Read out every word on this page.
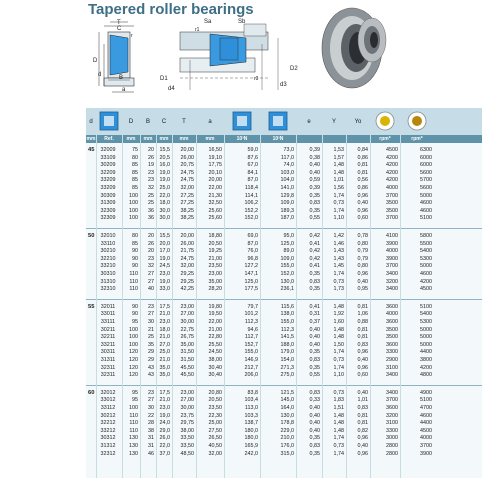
Tapered roller bearings
T
C
D
d	B
a
r
Sa	Sb
r1
D1
d4
r3
D2
d3
d	D	B	C	T	a	e	Y	Yo
mm	Ref.	mm	mm	mm	mm	mm	10³N	10³N	rpm*	rpm*
45	32009	75	20	15,5	20,00	16,50	59,0	73,0	0,39	1,53	0,84	4500	6300
33109	80	26	20,5	26,00	19,10	87,6	117,0	0,38	1,57	0,86	4200	6000
30209	85	19	16,0	20,75	17,75	67,0	74,0	0,40	1,48	0,81	4200	6000
32209	85	23	19,0	24,75	20,10	84,1	103,0	0,40	1,48	0,81	4200	5600
33209	85	23	19,0	24,75	20,00	87,0	104,0	0,59	1,01	0,56	4200	5700
33209	85	32	25,0	32,00	22,00	118,4	141,0	0,39	1,56	0,86	4000	5600
30309	100	25	22,0	27,25	21,30	114,1	129,8	0,35	1,74	0,96	3700	5000
31309	100	25	18,0	27,25	32,50	106,2	109,0	0,83	0,73	0,40	3500	4600
32309	100	36	30,0	38,25	25,60	152,2	189,3	0,35	1,74	0,96	3500	4600
32309	100	36	30,0	38,25	25,60	152,0	187,0	0,55	1,10	0,60	3700	5100
50	32010	80	20	15,5	20,00	18,80	69,0	95,0	0,42	1,42	0,78	4100	5800
33110	85	26	20,0	26,00	20,50	87,0	125,0	0,41	1,46	0,80	3900	5500
30210	90	20	17,0	21,75	19,25	76,0	89,0	0,42	1,43	0,79	4000	5400
32210	90	23	19,0	24,75	21,00	96,8	109,0	0,42	1,43	0,79	3900	5300
33210	90	32	24,5	32,00	23,50	127,2	155,0	0,41	1,45	0,80	3700	5000
30310	110	27	23,0	29,25	23,00	147,1	152,0	0,35	1,74	0,96	3400	4600
31310	110	27	19,0	29,25	35,00	125,0	130,0	0,83	0,73	0,40	3200	4200
32310	110	40	33,0	42,25	28,20	177,5	236,1	0,35	1,73	0,95	3400	4500
55	32011	90	23	17,5	23,00	19,80	79,7	115,6	0,41	1,48	0,81	3600	5100
33011	90	27	21,0	27,00	19,50	101,2	138,0	0,31	1,92	1,06	4000	5400
33111	95	30	23,0	30,00	22,00	112,3	155,0	0,37	1,60	0,88	3600	5300
30211	100	21	18,0	22,75	21,00	94,6	112,3	0,40	1,48	0,81	3500	5000
32211	100	25	21,0	26,75	22,80	112,7	141,5	0,40	1,48	0,81	3500	5000
33211	100	35	27,0	35,00	25,50	152,7	188,0	0,40	1,50	0,83	3600	5000
30311	120	29	25,0	31,50	24,50	155,0	179,0	0,35	1,74	0,96	3300	4400
31311	120	29	21,0	31,50	38,00	146,9	154,0	0,83	0,73	0,40	2900	3800
32311	120	43	35,0	45,50	30,40	212,7	271,3	0,35	1,74	0,96	3100	4200
32311	120	43	35,0	45,50	30,40	206,0	275,0	0,55	1,10	0,60	3400	4800
60	32012	95	23	17,5	23,00	20,80	83,8	121,5	0,83	0,73	0,40	3400	4900
33012	95	27	21,0	27,00	20,50	103,4	145,0	0,33	1,83	1,01	3700	5100
33112	100	30	23,0	30,00	23,50	113,0	164,0	0,40	1,51	0,83	3600	4700
30212	110	22	19,0	23,75	22,30	103,3	130,0	0,40	1,48	0,81	3200	4600
32212	110	28	24,0	29,75	25,00	138,7	178,8	0,40	1,48	0,81	3100	4400
33212	110	38	29,0	38,00	27,50	180,0	229,0	0,40	1,48	0,82	3300	4500
30312	130	31	26,0	33,50	26,50	180,0	210,0	0,35	1,74	0,96	3000	4000
31312	130	31	22,0	33,50	40,50	165,9	176,0	0,83	0,73	0,40	2800	3700
32312	130	46	37,0	48,50	32,00	242,0	315,0	0,35	1,74	0,96	2800	3900
